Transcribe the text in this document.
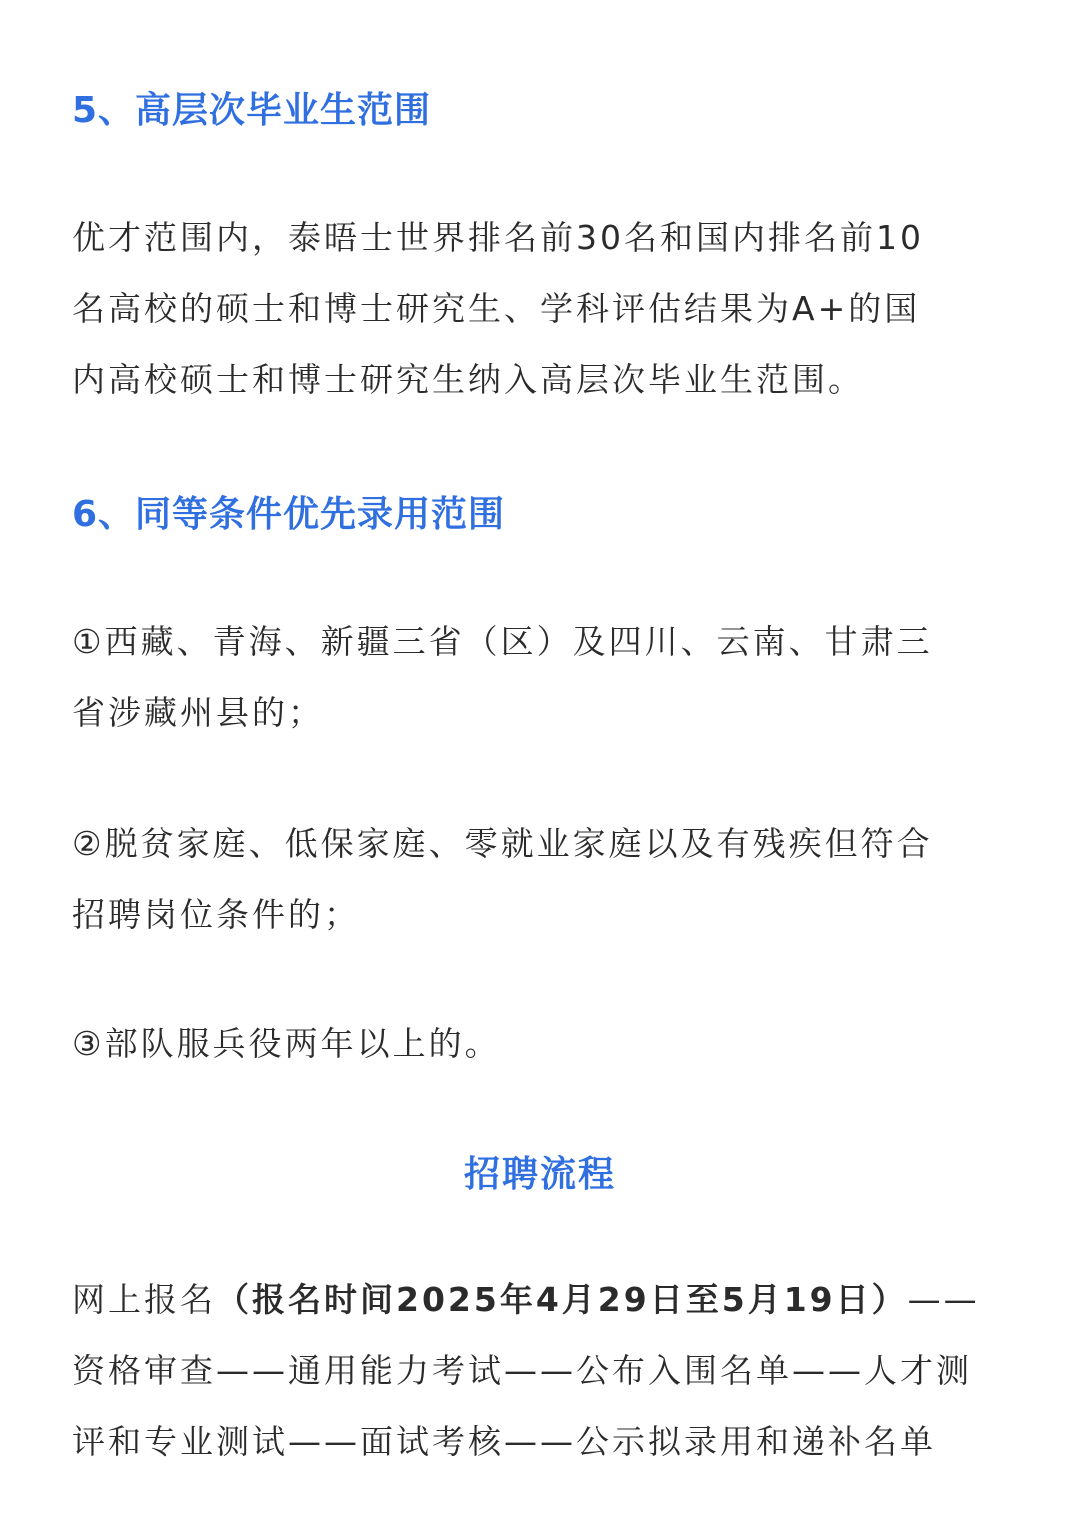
5、高层次毕业生范围
优才范围内，泰晤士世界排名前30名和国内排名前10
名高校的硕士和博士研究生、学科评估结果为A+的国
内高校硕士和博士研究生纳入高层次毕业生范围。
6、同等条件优先录用范围
①西藏、青海、新疆三省（区）及四川、云南、甘肃三
省涉藏州县的；
②脱贫家庭、低保家庭、零就业家庭以及有残疾但符合
招聘岗位条件的；
③部队服兵役两年以上的。
招聘流程
网上报名（报名时间2025年4月29日至5月19日）——
资格审查——通用能力考试——公布入围名单——人才测
评和专业测试——面试考核——公示拟录用和递补名单
